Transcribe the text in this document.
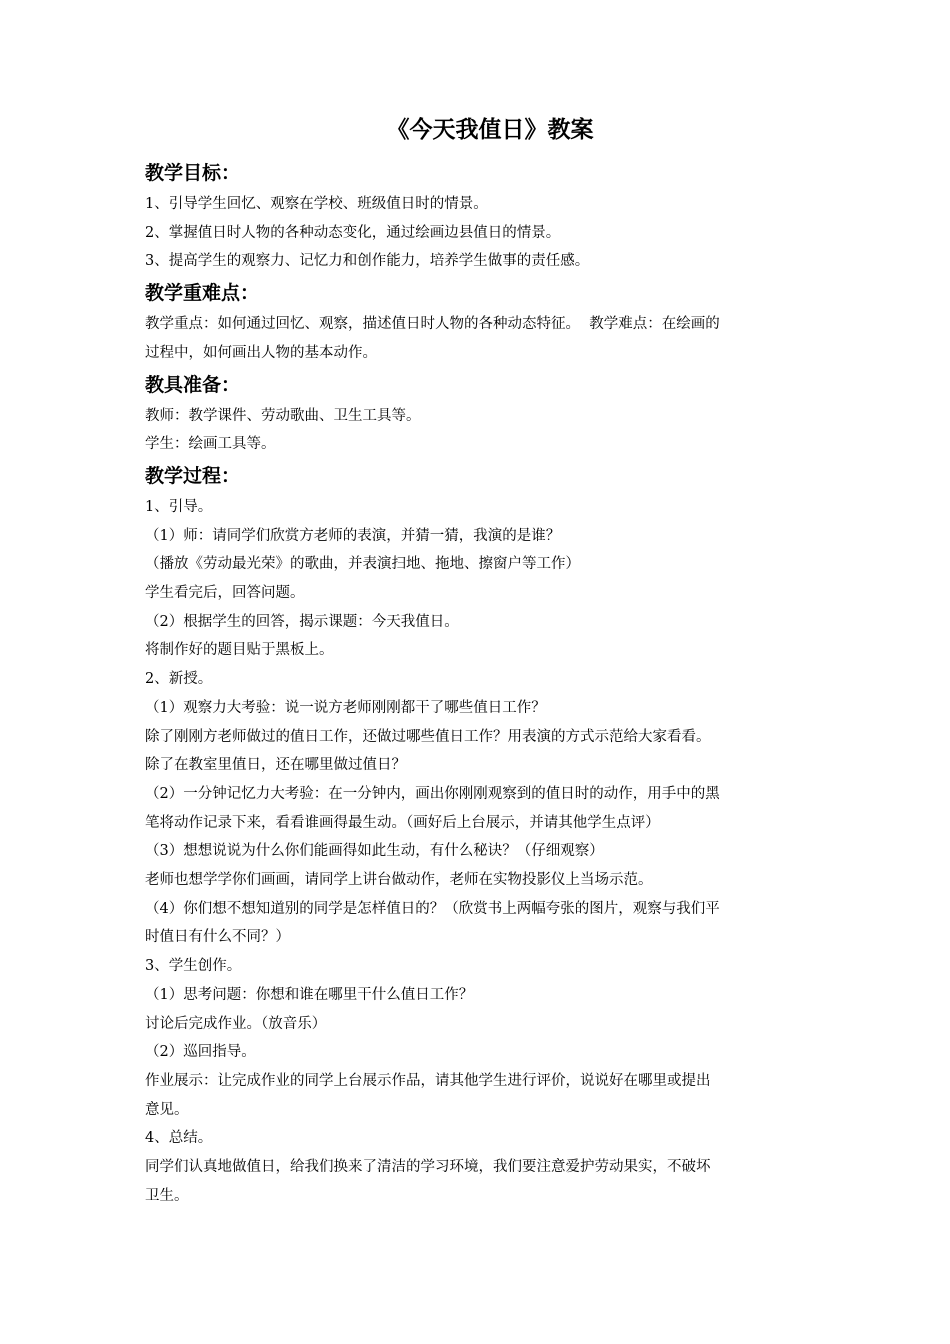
《今天我值日》教案
教学目标：

1、引导学生回忆、观察在学校、班级值日时的情景。

2、掌握值日时人物的各种动态变化，通过绘画边县值日的情景。

3、提高学生的观察力、记忆力和创作能力，培养学生做事的责任感。

教学重难点：

教学重点：如何通过回忆、观察，描述值日时人物的各种动态特征。  教学难点：在绘画的

过程中，如何画出人物的基本动作。

教具准备：

教师：教学课件、劳动歌曲、卫生工具等。

学生：绘画工具等。

教学过程：

1、引导。

（1）师：请同学们欣赏方老师的表演，并猜一猜，我演的是谁？

（播放《劳动最光荣》的歌曲，并表演扫地、拖地、擦窗户等工作）

学生看完后，回答问题。

（2）根据学生的回答，揭示课题：今天我值日。

将制作好的题目贴于黑板上。

2、新授。

（1）观察力大考验：说一说方老师刚刚都干了哪些值日工作？

除了刚刚方老师做过的值日工作，还做过哪些值日工作？用表演的方式示范给大家看看。

除了在教室里值日，还在哪里做过值日？

（2）一分钟记忆力大考验：在一分钟内，画出你刚刚观察到的值日时的动作，用手中的黑

笔将动作记录下来，看看谁画得最生动。（画好后上台展示，并请其他学生点评）

（3）想想说说为什么你们能画得如此生动，有什么秘诀？（仔细观察）

老师也想学学你们画画，请同学上讲台做动作，老师在实物投影仪上当场示范。

（4）你们想不想知道别的同学是怎样值日的？（欣赏书上两幅夸张的图片，观察与我们平

时值日有什么不同？）

3、学生创作。

（1）思考问题：你想和谁在哪里干什么值日工作？

讨论后完成作业。（放音乐）

（2）巡回指导。

作业展示：让完成作业的同学上台展示作品，请其他学生进行评价，说说好在哪里或提出

意见。

4、总结。

同学们认真地做值日，给我们换来了清洁的学习环境，我们要注意爱护劳动果实，不破坏

卫生。
